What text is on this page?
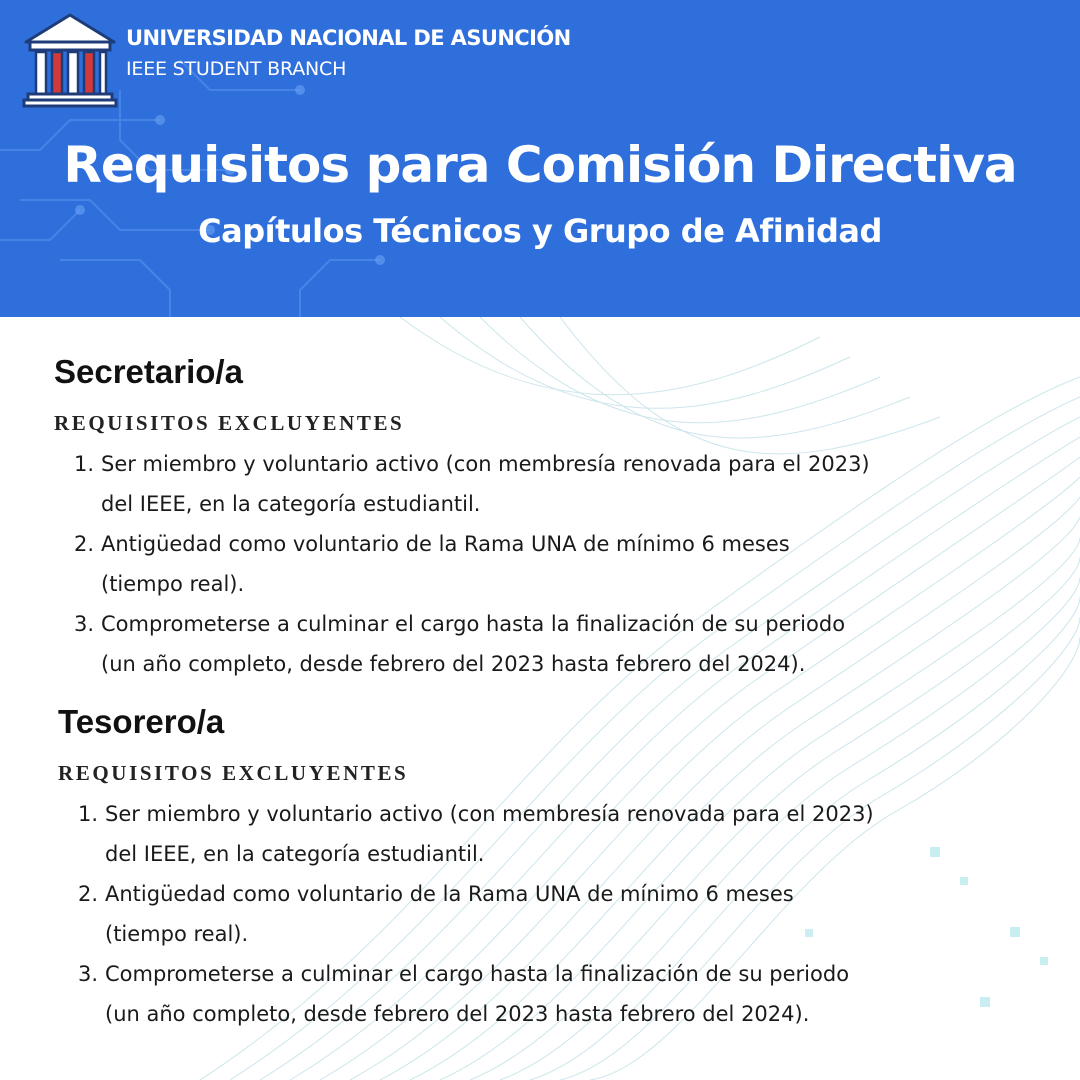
UNIVERSIDAD NACIONAL DE ASUNCIÓN
IEEE STUDENT BRANCH
Requisitos para Comisión Directiva
Capítulos Técnicos y Grupo de Afinidad
Secretario/a
REQUISITOS EXCLUYENTES
1. Ser miembro y voluntario activo (con membresía renovada para el 2023)
del IEEE, en la categoría estudiantil.
2. Antigüedad como voluntario de la Rama UNA de mínimo 6 meses
(tiempo real).
3. Comprometerse a culminar el cargo hasta la finalización de su periodo
(un año completo, desde febrero del 2023 hasta febrero del 2024).
Tesorero/a
REQUISITOS EXCLUYENTES
1. Ser miembro y voluntario activo (con membresía renovada para el 2023)
del IEEE, en la categoría estudiantil.
2. Antigüedad como voluntario de la Rama UNA de mínimo 6 meses
(tiempo real).
3. Comprometerse a culminar el cargo hasta la finalización de su periodo
(un año completo, desde febrero del 2023 hasta febrero del 2024).
